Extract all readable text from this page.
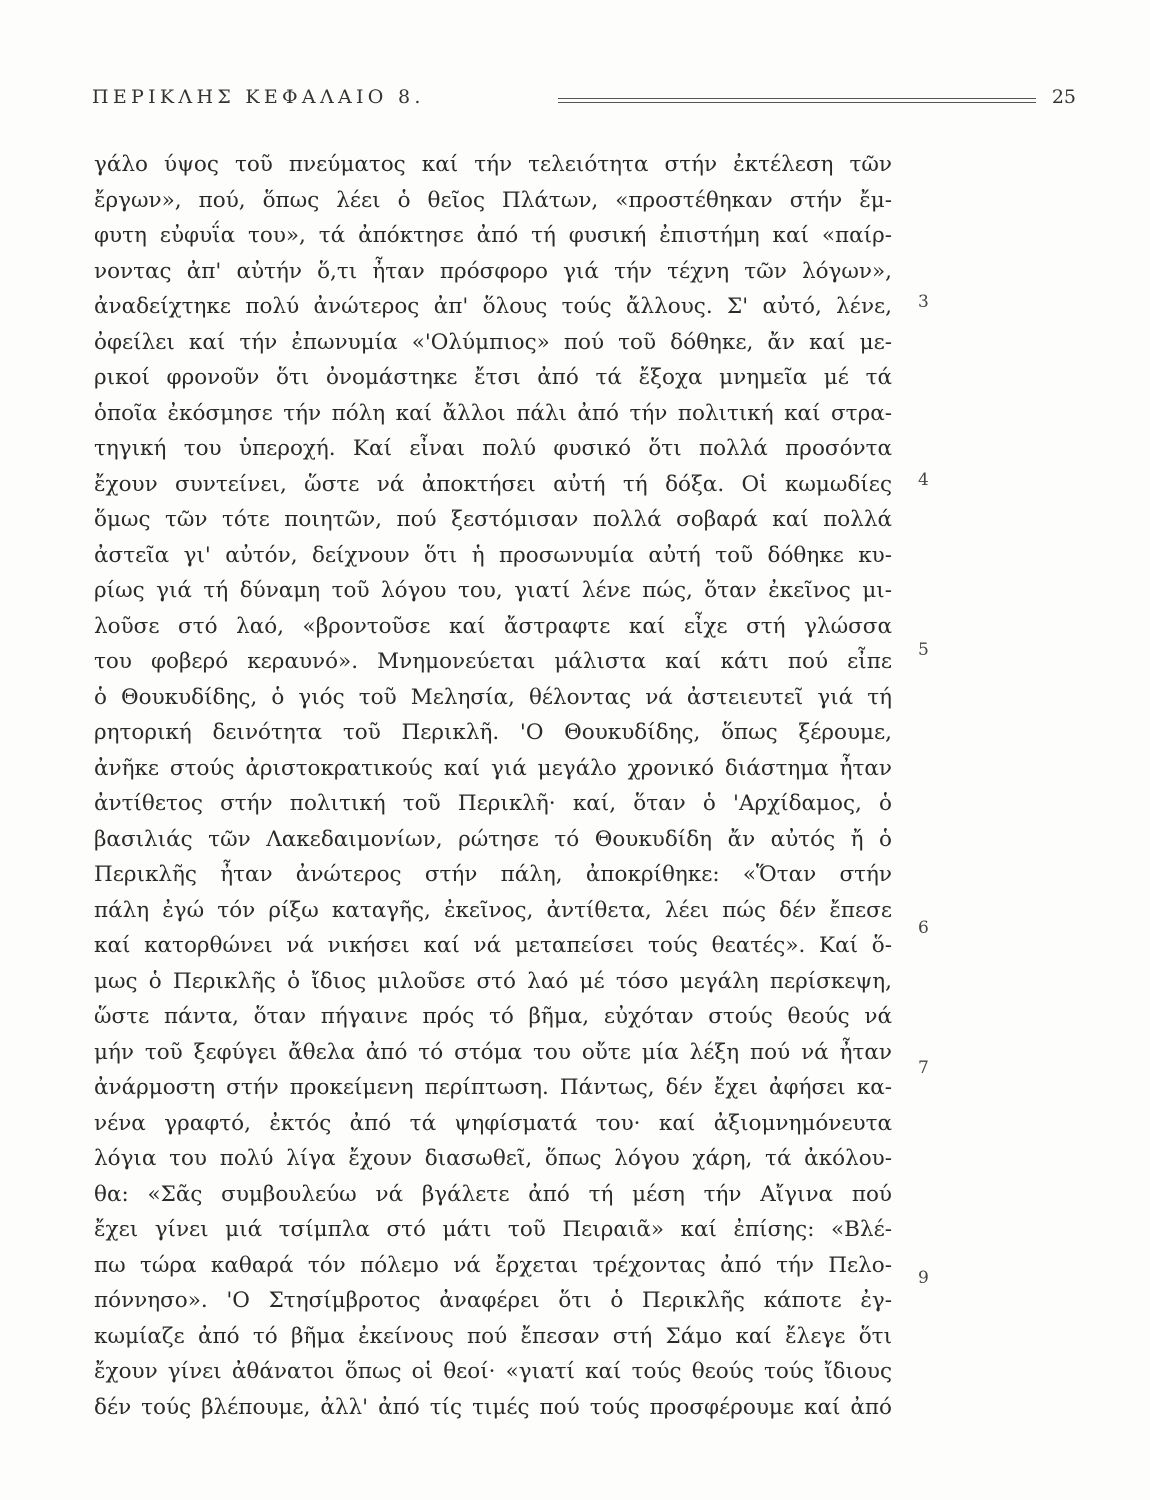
ΠΕΡΙΚΛΗΣ ΚΕΦΑΛΑΙΟ 8.	25
γάλο ύψος τοῦ πνεύματος καί τήν τελειότητα στήν ἐκτέλεση τῶν
ἔργων», πού, ὅπως λέει ὁ θεῖος Πλάτων, «προστέθηκαν στήν ἔμ-
φυτη εὐφυΐα του», τά ἀπόκτησε ἀπό τή φυσική ἐπιστήμη καί «παίρ-
νοντας ἀπ' αὐτήν ὅ,τι ἦταν πρόσφορο γιά τήν τέχνη τῶν λόγων»,
ἀναδείχτηκε πολύ ἀνώτερος ἀπ' ὅλους τούς ἄλλους. Σ' αὐτό, λένε,
ὀφείλει καί τήν ἐπωνυμία «'Ολύμπιος» πού τοῦ δόθηκε, ἄν καί με-
ρικοί φρονοῦν ὅτι ὀνομάστηκε ἔτσι ἀπό τά ἔξοχα μνημεῖα μέ τά
ὁποῖα ἐκόσμησε τήν πόλη καί ἄλλοι πάλι ἀπό τήν πολιτική καί στρα-
τηγική του ὑπεροχή. Καί εἶναι πολύ φυσικό ὅτι πολλά προσόντα
ἔχουν συντείνει, ὥστε νά ἀποκτήσει αὐτή τή δόξα. Οἱ κωμωδίες
ὅμως τῶν τότε ποιητῶν, πού ξεστόμισαν πολλά σοβαρά καί πολλά
ἀστεῖα γι' αὐτόν, δείχνουν ὅτι ἡ προσωνυμία αὐτή τοῦ δόθηκε κυ-
ρίως γιά τή δύναμη τοῦ λόγου του, γιατί λένε πώς, ὅταν ἐκεῖνος μι-
λοῦσε στό λαό, «βροντοῦσε καί ἄστραφτε καί εἶχε στή γλώσσα
του φοβερό κεραυνό». Μνημονεύεται μάλιστα καί κάτι πού εἶπε
ὁ Θουκυδίδης, ὁ γιός τοῦ Μελησία, θέλοντας νά ἀστειευτεῖ γιά τή
ρητορική δεινότητα τοῦ Περικλῆ. 'Ο Θουκυδίδης, ὅπως ξέρουμε,
ἀνῆκε στούς ἀριστοκρατικούς καί γιά μεγάλο χρονικό διάστημα ἦταν
ἀντίθετος στήν πολιτική τοῦ Περικλῆ· καί, ὅταν ὁ 'Αρχίδαμος, ὁ
βασιλιάς τῶν Λακεδαιμονίων, ρώτησε τό Θουκυδίδη ἄν αὐτός ἤ ὁ
Περικλῆς ἦταν ἀνώτερος στήν πάλη, ἀποκρίθηκε: «Ὅταν στήν
πάλη ἐγώ τόν ρίξω καταγῆς, ἐκεῖνος, ἀντίθετα, λέει πώς δέν ἔπεσε
καί κατορθώνει νά νικήσει καί νά μεταπείσει τούς θεατές». Καί ὅ-
μως ὁ Περικλῆς ὁ ἴδιος μιλοῦσε στό λαό μέ τόσο μεγάλη περίσκεψη,
ὥστε πάντα, ὅταν πήγαινε πρός τό βῆμα, εὐχόταν στούς θεούς νά
μήν τοῦ ξεφύγει ἄθελα ἀπό τό στόμα του οὔτε μία λέξη πού νά ἦταν
ἀνάρμοστη στήν προκείμενη περίπτωση. Πάντως, δέν ἔχει ἀφήσει κα-
νένα γραφτό, ἐκτός ἀπό τά ψηφίσματά του· καί ἀξιομνημόνευτα
λόγια του πολύ λίγα ἔχουν διασωθεῖ, ὅπως λόγου χάρη, τά ἀκόλου-
θα: «Σᾶς συμβουλεύω νά βγάλετε ἀπό τή μέση τήν Αἴγινα πού
ἔχει γίνει μιά τσίμπλα στό μάτι τοῦ Πειραιᾶ» καί ἐπίσης: «Βλέ-
πω τώρα καθαρά τόν πόλεμο νά ἔρχεται τρέχοντας ἀπό τήν Πελο-
πόννησο». 'Ο Στησίμβροτος ἀναφέρει ὅτι ὁ Περικλῆς κάποτε ἐγ-
κωμίαζε ἀπό τό βῆμα ἐκείνους πού ἔπεσαν στή Σάμο καί ἔλεγε ὅτι
ἔχουν γίνει ἀθάνατοι ὅπως οἱ θεοί· «γιατί καί τούς θεούς τούς ἴδιους
δέν τούς βλέπουμε, ἀλλ' ἀπό τίς τιμές πού τούς προσφέρουμε καί ἀπό
3
4
5
6
7
9
